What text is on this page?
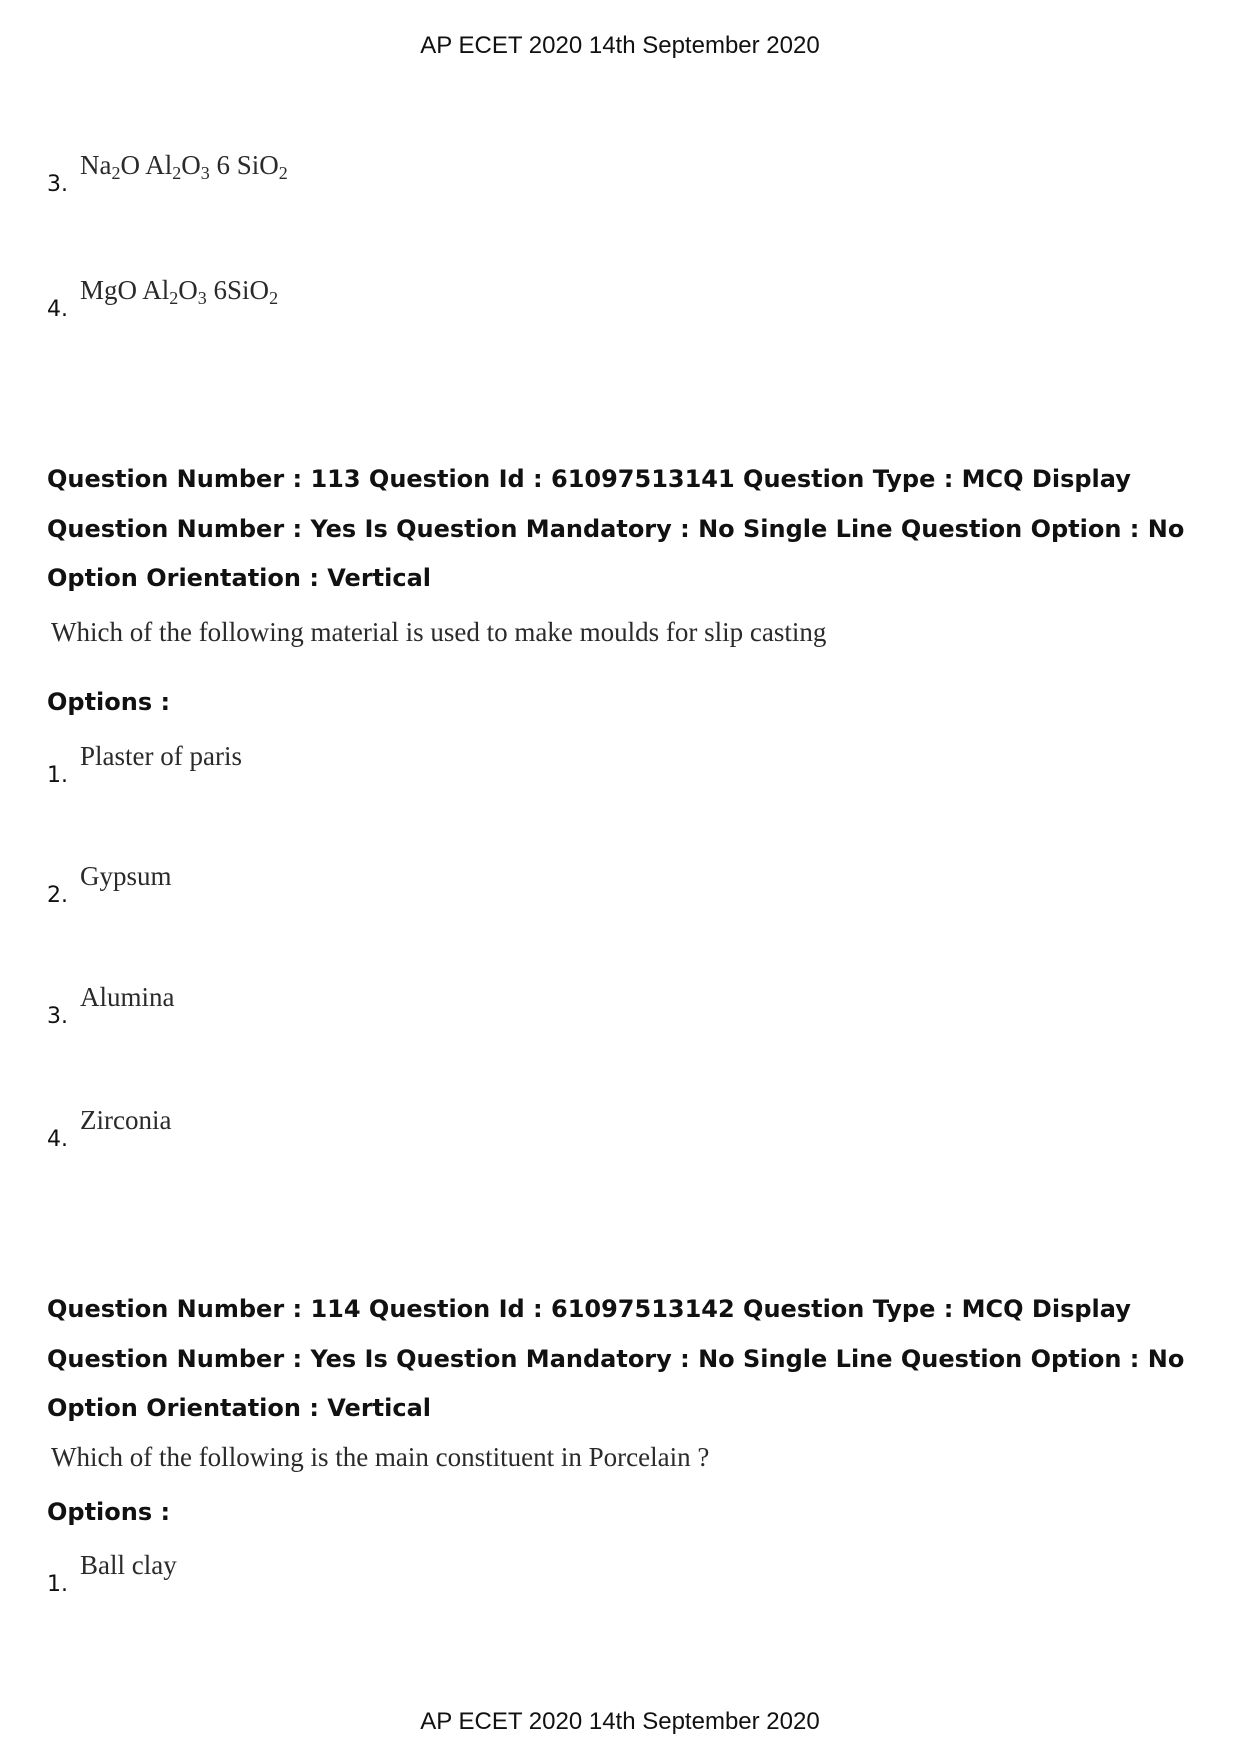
AP ECET 2020 14th September 2020
3.
$Na_2O$ $Al_2O_3$ 6 SiO$_2$
4.
MgO $Al_2O_3$ 6SiO$_2$

Question Number : 113 Question Id : 61097513141 Question Type : MCQ Display Question Number : Yes Is Question Mandatory : No Single Line Question Option : No Option Orientation : Vertical

Which of the following material is used to make moulds for slip casting
Options :
1.
Plaster of paris
2.
Gypsum
3.
Alumina
4.
Zirconia

Question Number : 114 Question Id : 61097513142 Question Type : MCQ Display Question Number : Yes Is Question Mandatory : No Single Line Question Option : No Option Orientation : Vertical

Which of the following is the main constituent in Porcelain ?
Options :
1.
Ball clay
AP ECET 2020 14th September 2020
